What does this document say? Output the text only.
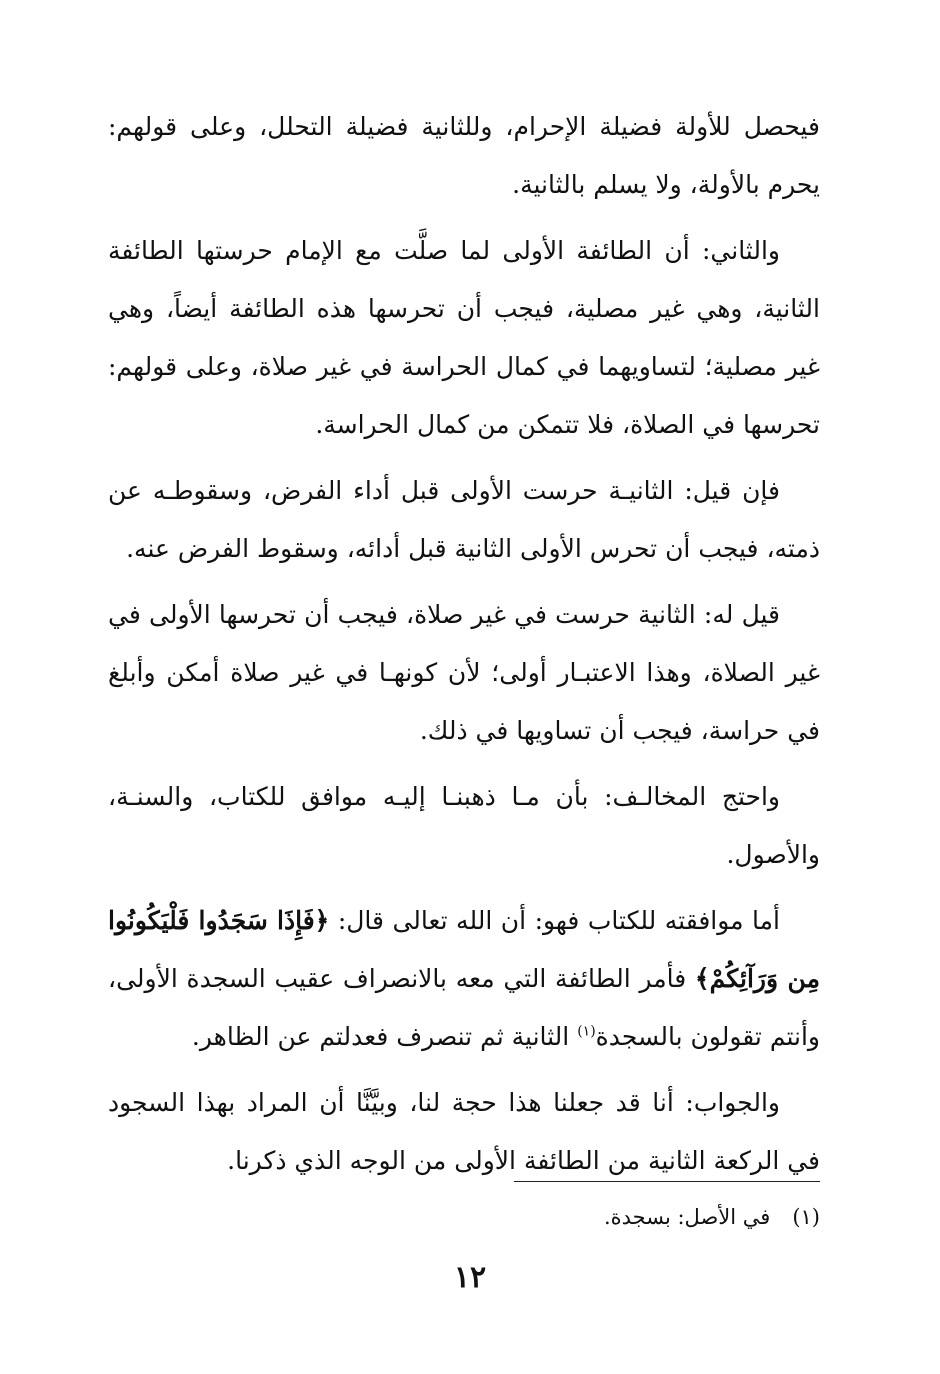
فيحصل للأولة فضيلة الإحرام، وللثانية فضيلة التحلل، وعلى قولهم: يحرم بالأولة، ولا يسلم بالثانية.

والثاني: أن الطائفة الأولى لما صلَّت مع الإمام حرستها الطائفة الثانية، وهي غير مصلية، فيجب أن تحرسها هذه الطائفة أيضاً، وهي غير مصلية؛ لتساويهما في كمال الحراسة في غير صلاة، وعلى قولهم: تحرسها في الصلاة، فلا تتمكن من كمال الحراسة.

فإن قيل: الثانيـة حرست الأولى قبل أداء الفرض، وسقوطـه عن ذمته، فيجب أن تحرس الأولى الثانية قبل أدائه، وسقوط الفرض عنه.

قيل له: الثانية حرست في غير صلاة، فيجب أن تحرسها الأولى في غير الصلاة، وهذا الاعتبـار أولى؛ لأن كونهـا في غير صلاة أمكن وأبلغ في حراسة، فيجب أن تساويها في ذلك.

واحتج المخالـف: بأن مـا ذهبنـا إليـه موافق للكتاب، والسنـة، والأصول.

أما موافقته للكتاب فهو: أن الله تعالى قال: ﴿فَإِذَا سَجَدُوا فَلْيَكُونُوا مِن وَرَآئِكُمْ﴾ فأمر الطائفة التي معه بالانصراف عقيب السجدة الأولى، وأنتم تقولون بالسجدة$^{(١)}$ الثانية ثم تنصرف فعدلتم عن الظاهر.

والجواب: أنا قد جعلنا هذا حجة لنا، وبيَّنَّا أن المراد بهذا السجود في الركعة الثانية من الطائفة الأولى من الوجه الذي ذكرنا.

(١)في الأصل: بسجدة.
١٢
